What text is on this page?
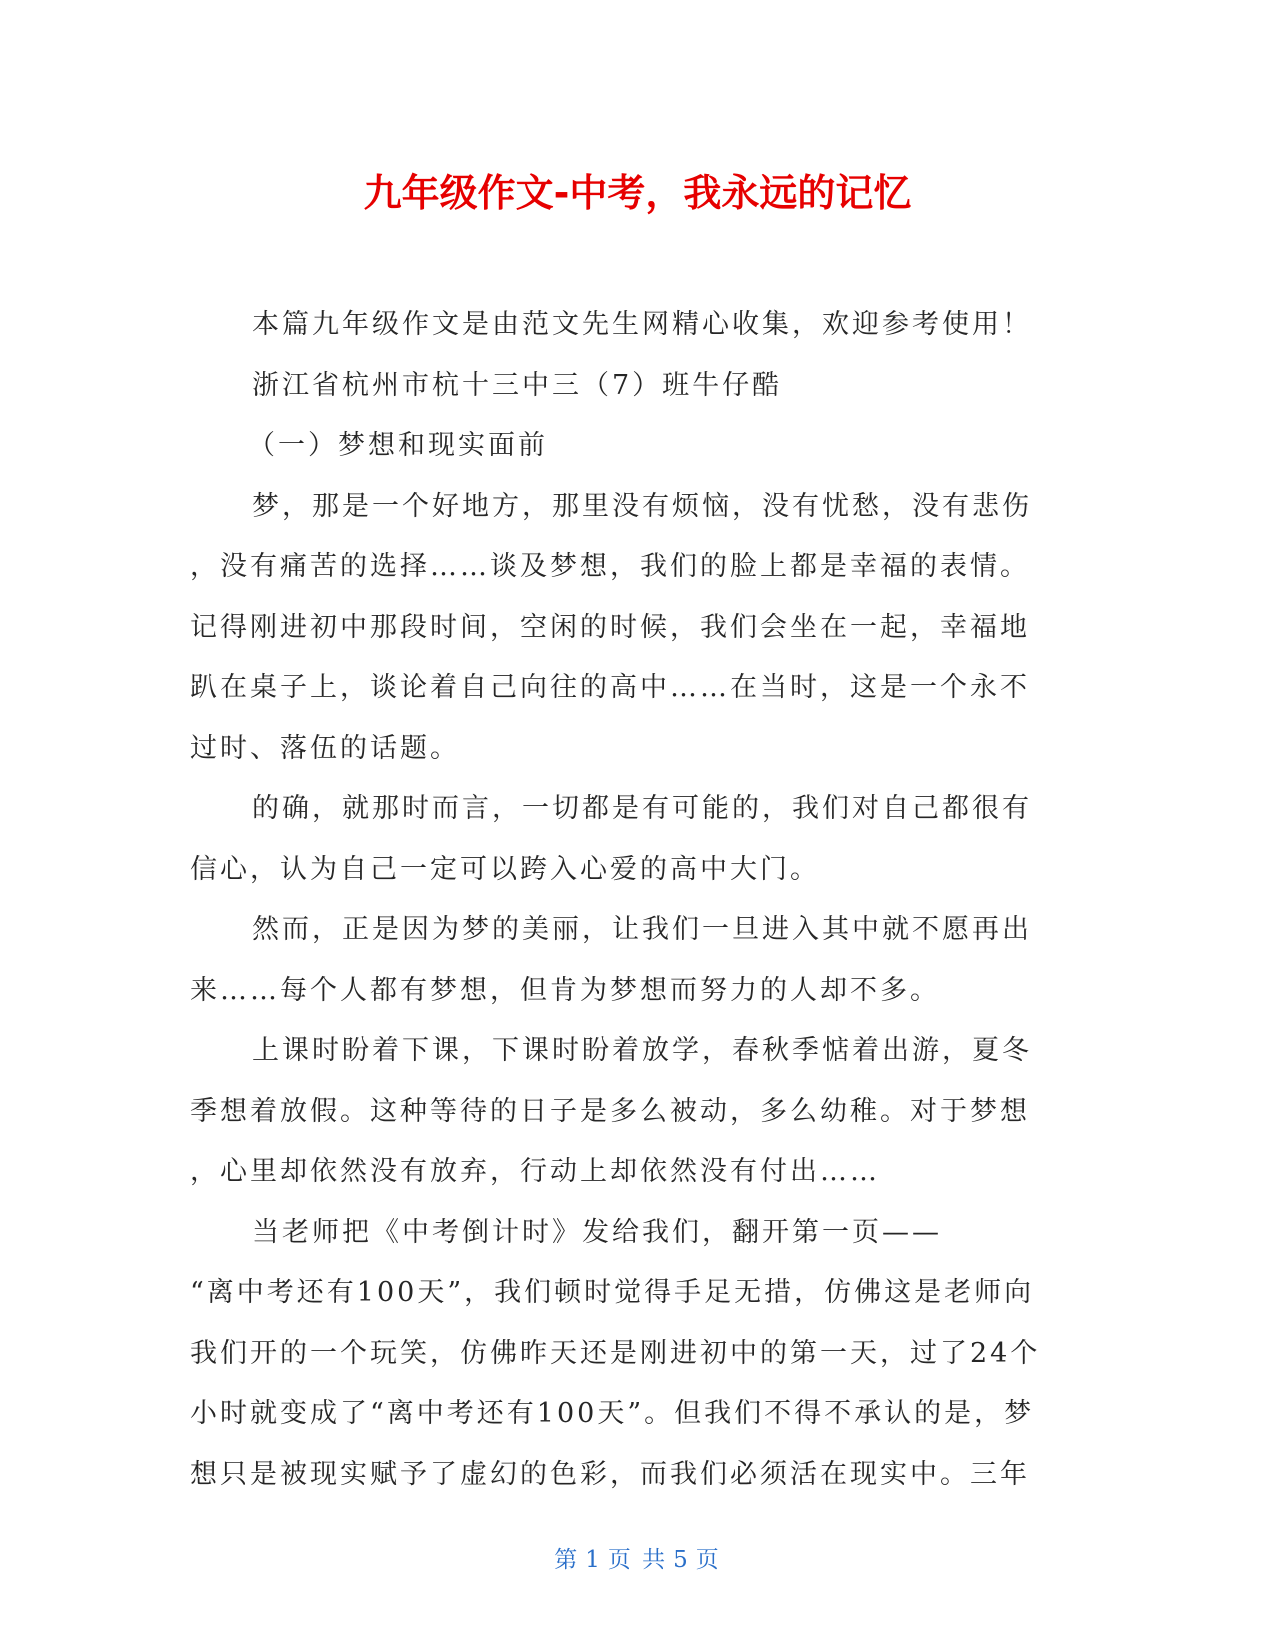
九年级作文-中考，我永远的记忆
本篇九年级作文是由范文先生网精心收集，欢迎参考使用！
浙江省杭州市杭十三中三（7）班牛仔酷
（一）梦想和现实面前
梦，那是一个好地方，那里没有烦恼，没有忧愁，没有悲伤
，没有痛苦的选择……谈及梦想，我们的脸上都是幸福的表情。
记得刚进初中那段时间，空闲的时候，我们会坐在一起，幸福地
趴在桌子上，谈论着自己向往的高中……在当时，这是一个永不
过时、落伍的话题。
的确，就那时而言，一切都是有可能的，我们对自己都很有
信心，认为自己一定可以跨入心爱的高中大门。
然而，正是因为梦的美丽，让我们一旦进入其中就不愿再出
来……每个人都有梦想，但肯为梦想而努力的人却不多。
上课时盼着下课，下课时盼着放学，春秋季惦着出游，夏冬
季想着放假。这种等待的日子是多么被动，多么幼稚。对于梦想
，心里却依然没有放弃，行动上却依然没有付出……
当老师把《中考倒计时》发给我们，翻开第一页——
“离中考还有100天”，我们顿时觉得手足无措，仿佛这是老师向
我们开的一个玩笑，仿佛昨天还是刚进初中的第一天，过了24个
小时就变成了“离中考还有100天”。但我们不得不承认的是，梦
想只是被现实赋予了虚幻的色彩，而我们必须活在现实中。三年
第 1 页 共 5 页
